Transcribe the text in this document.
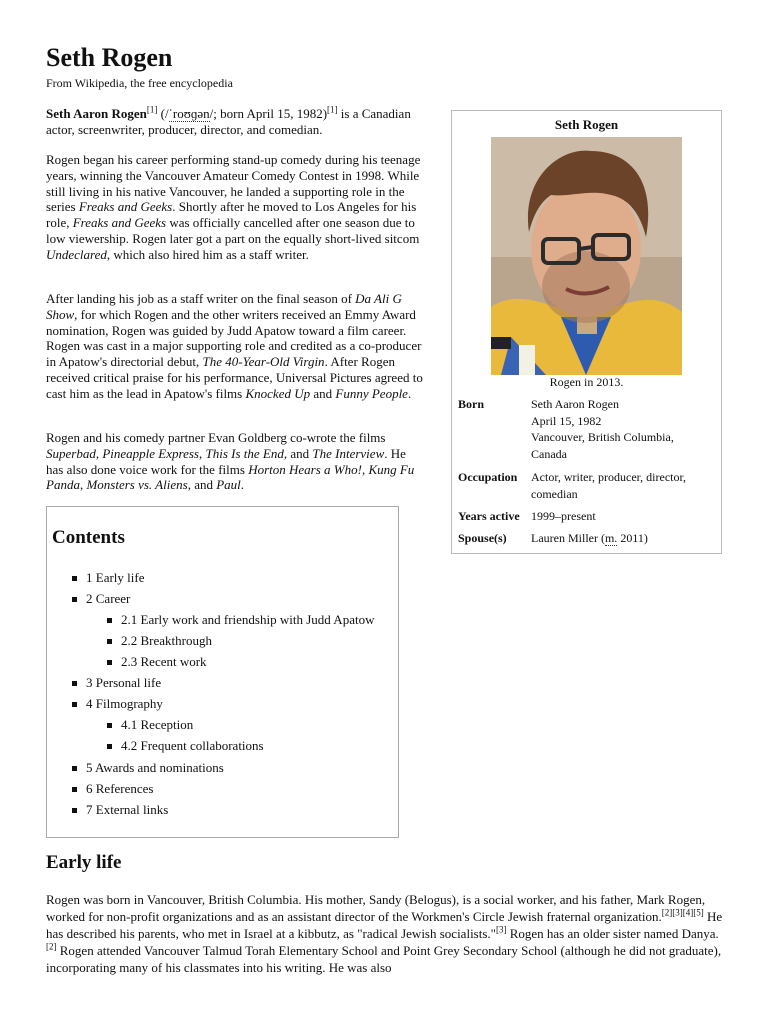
Seth Rogen
From Wikipedia, the free encyclopedia

Seth Aaron Rogen[1] (/ˈroʊɡən/; born April 15, 1982)[1] is a Canadian actor, screenwriter, producer, director, and comedian.

Rogen began his career performing stand-up comedy during his teenage years, winning the Vancouver Amateur Comedy Contest in 1998. While still living in his native Vancouver, he landed a supporting role in the series Freaks and Geeks. Shortly after he moved to Los Angeles for his role, Freaks and Geeks was officially cancelled after one season due to low viewership. Rogen later got a part on the equally short-lived sitcom Undeclared, which also hired him as a staff writer.

After landing his job as a staff writer on the final season of Da Ali G Show, for which Rogen and the other writers received an Emmy Award nomination, Rogen was guided by Judd Apatow toward a film career. Rogen was cast in a major supporting role and credited as a co-producer in Apatow's directorial debut, The 40-Year-Old Virgin. After Rogen received critical praise for his performance, Universal Pictures agreed to cast him as the lead in Apatow's films Knocked Up and Funny People.

Rogen and his comedy partner Evan Goldberg co-wrote the films Superbad, Pineapple Express, This Is the End, and The Interview. He has also done voice work for the films Horton Hears a Who!, Kung Fu Panda, Monsters vs. Aliens, and Paul.

Seth Rogen
Rogen in 2013.
Born	Seth Aaron Rogen
April 15, 1982
Vancouver, British Columbia,
Canada
Occupation Actor, writer, producer, director,
comedian
Years active 1999–present
Spouse(s) Lauren Miller (m. 2011)
Contents
1 Early life
2 Career
2.1 Early work and friendship with Judd Apatow
2.2 Breakthrough
2.3 Recent work
3 Personal life
4 Filmography
4.1 Reception
4.2 Frequent collaborations
5 Awards and nominations
6 References
7 External links
Early life
Rogen was born in Vancouver, British Columbia. His mother, Sandy (Belogus), is a social worker, and his father, Mark Rogen, worked for non-profit organizations and as an assistant director of the Workmen's Circle Jewish fraternal organization.[2][3][4][5] He has described his parents, who met in Israel at a kibbutz, as "radical Jewish socialists."[3] Rogen has an older sister named Danya.[2] Rogen attended Vancouver Talmud Torah Elementary School and Point Grey Secondary School (although he did not graduate), incorporating many of his classmates into his writing. He was also
